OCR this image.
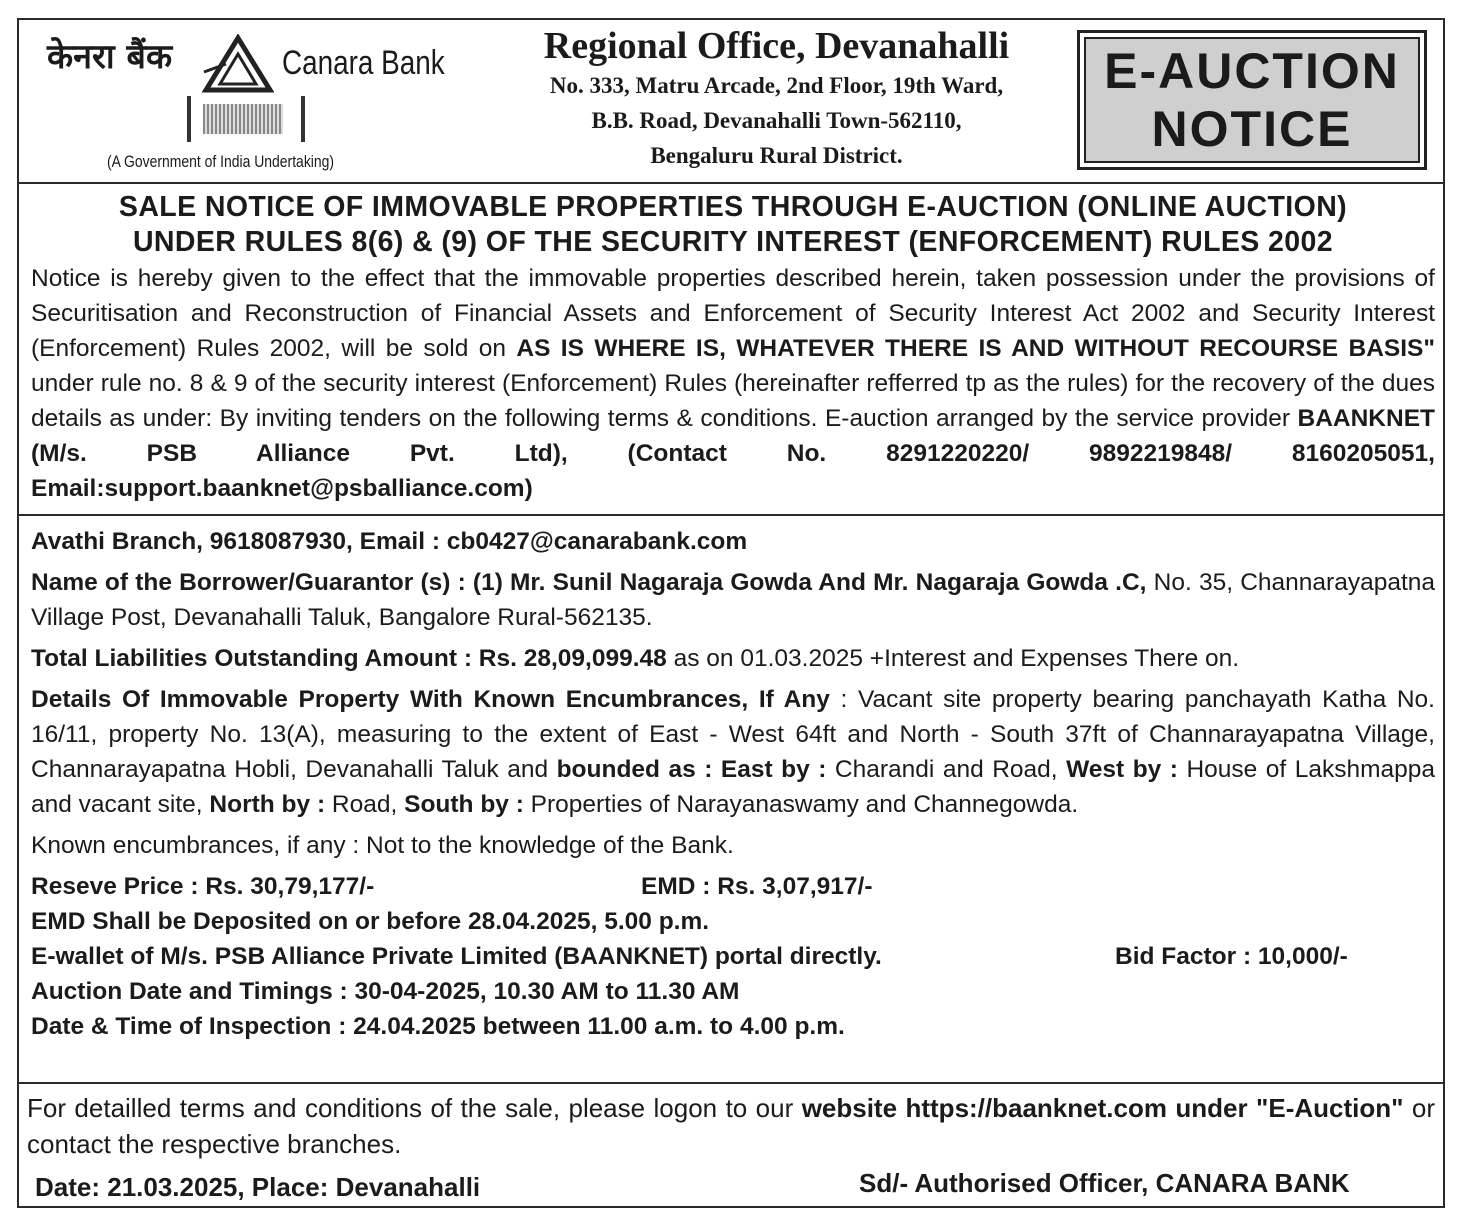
केनरा बैंक	Canara Bank
(A Government of India Undertaking)
Regional Office, Devanahalli
No. 333, Matru Arcade, 2nd Floor, 19th Ward,
B.B. Road, Devanahalli Town-562110,
Bengaluru Rural District.
E-AUCTION
NOTICE
SALE NOTICE OF IMMOVABLE PROPERTIES THROUGH E-AUCTION (ONLINE AUCTION)
UNDER RULES 8(6) & (9) OF THE SECURITY INTEREST (ENFORCEMENT) RULES 2002
Notice is hereby given to the effect that the immovable properties described herein, taken possession under the provisions of Securitisation and Reconstruction of Financial Assets and Enforcement of Security Interest Act 2002 and Security Interest (Enforcement) Rules 2002, will be sold on AS IS WHERE IS, WHATEVER THERE IS AND WITHOUT RECOURSE BASIS" under rule no. 8 & 9 of the security interest (Enforcement) Rules (hereinafter refferred tp as the rules) for the recovery of the dues details as under: By inviting tenders on the following terms & conditions. E-auction arranged by the service provider BAANKNET (M/s. PSB Alliance Pvt. Ltd), (Contact No. 8291220220/ 9892219848/ 8160205051, Email:support.baanknet@psballiance.com)
Avathi Branch, 9618087930, Email : cb0427@canarabank.com
Name of the Borrower/Guarantor (s) : (1) Mr. Sunil Nagaraja Gowda And Mr. Nagaraja Gowda .C, No. 35, Channarayapatna Village Post, Devanahalli Taluk, Bangalore Rural-562135.
Total Liabilities Outstanding Amount : Rs. 28,09,099.48 as on 01.03.2025 +Interest and Expenses There on.
Details Of Immovable Property With Known Encumbrances, If Any : Vacant site property bearing panchayath Katha No. 16/11, property No. 13(A), measuring to the extent of East - West 64ft and North - South 37ft of Channarayapatna Village, Channarayapatna Hobli, Devanahalli Taluk and bounded as : East by : Charandi and Road, West by : House of Lakshmappa and vacant site, North by : Road, South by : Properties of Narayanaswamy and Channegowda.
Known encumbrances, if any : Not to the knowledge of the Bank.
Reseve Price : Rs. 30,79,177/-	EMD : Rs. 3,07,917/-
EMD Shall be Deposited on or before 28.04.2025, 5.00 p.m.
E-wallet of M/s. PSB Alliance Private Limited (BAANKNET) portal directly.	Bid Factor : 10,000/-
Auction Date and Timings : 30-04-2025, 10.30 AM to 11.30 AM
Date & Time of Inspection : 24.04.2025 between 11.00 a.m. to 4.00 p.m.
For detailled terms and conditions of the sale, please logon to our website https://baanknet.com under "E-Auction" or contact the respective branches.
Date: 21.03.2025, Place: Devanahalli	Sd/- Authorised Officer, CANARA BANK
